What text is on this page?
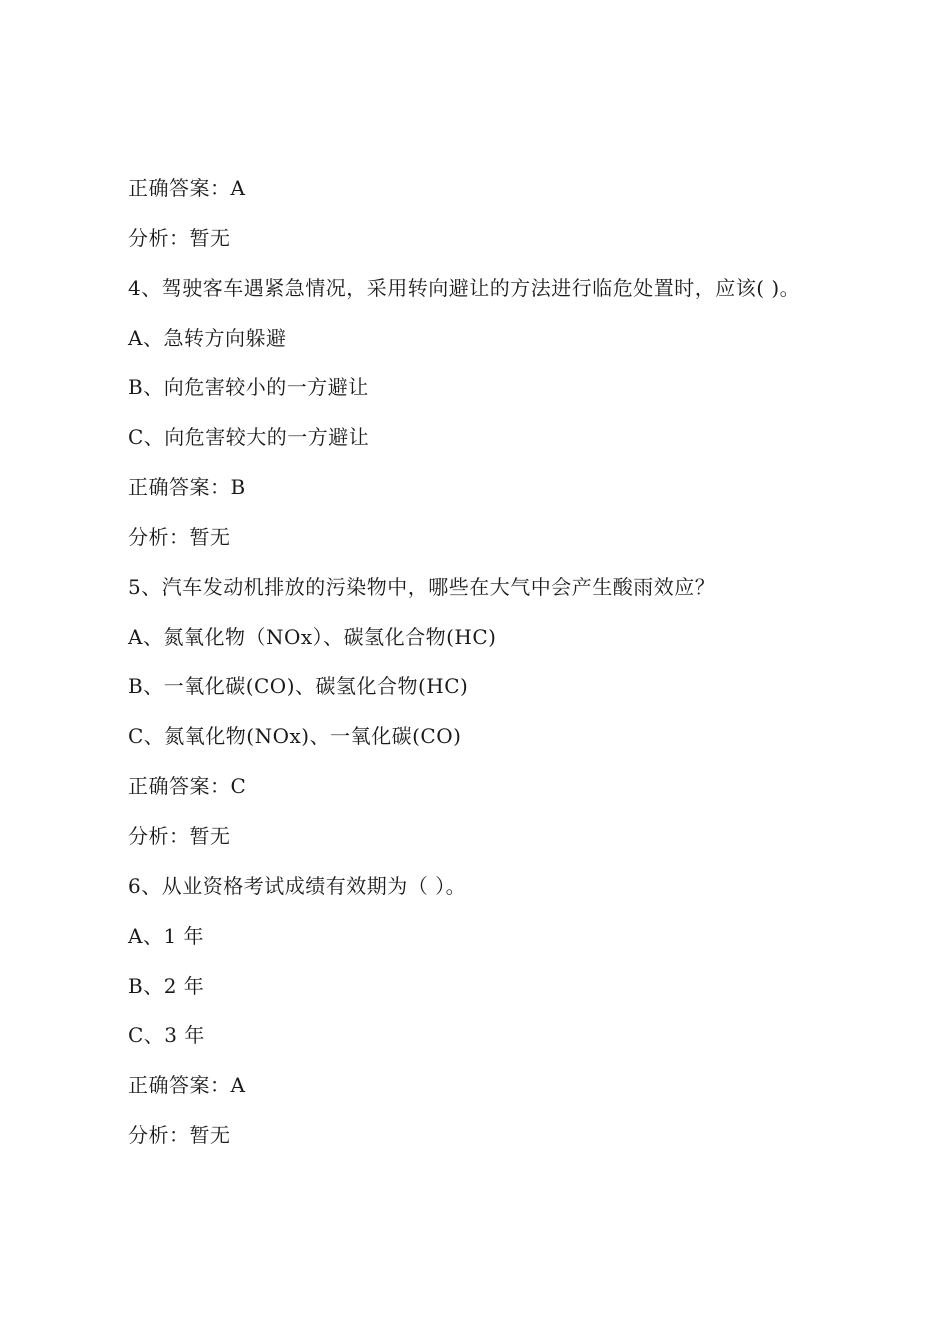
正确答案：A
分析：暂无
4、驾驶客车遇紧急情况，采用转向避让的方法进行临危处置时，应该( )。
A、急转方向躲避
B、向危害较小的一方避让
C、向危害较大的一方避让
正确答案：B
分析：暂无
5、汽车发动机排放的污染物中，哪些在大气中会产生酸雨效应？
A、氮氧化物（NOx）、碳氢化合物(HC)
B、一氧化碳(CO)、碳氢化合物(HC)
C、氮氧化物(NOx)、一氧化碳(CO)
正确答案：C
分析：暂无
6、从业资格考试成绩有效期为（ ）。
A、1 年
B、2 年
C、3 年
正确答案：A
分析：暂无
